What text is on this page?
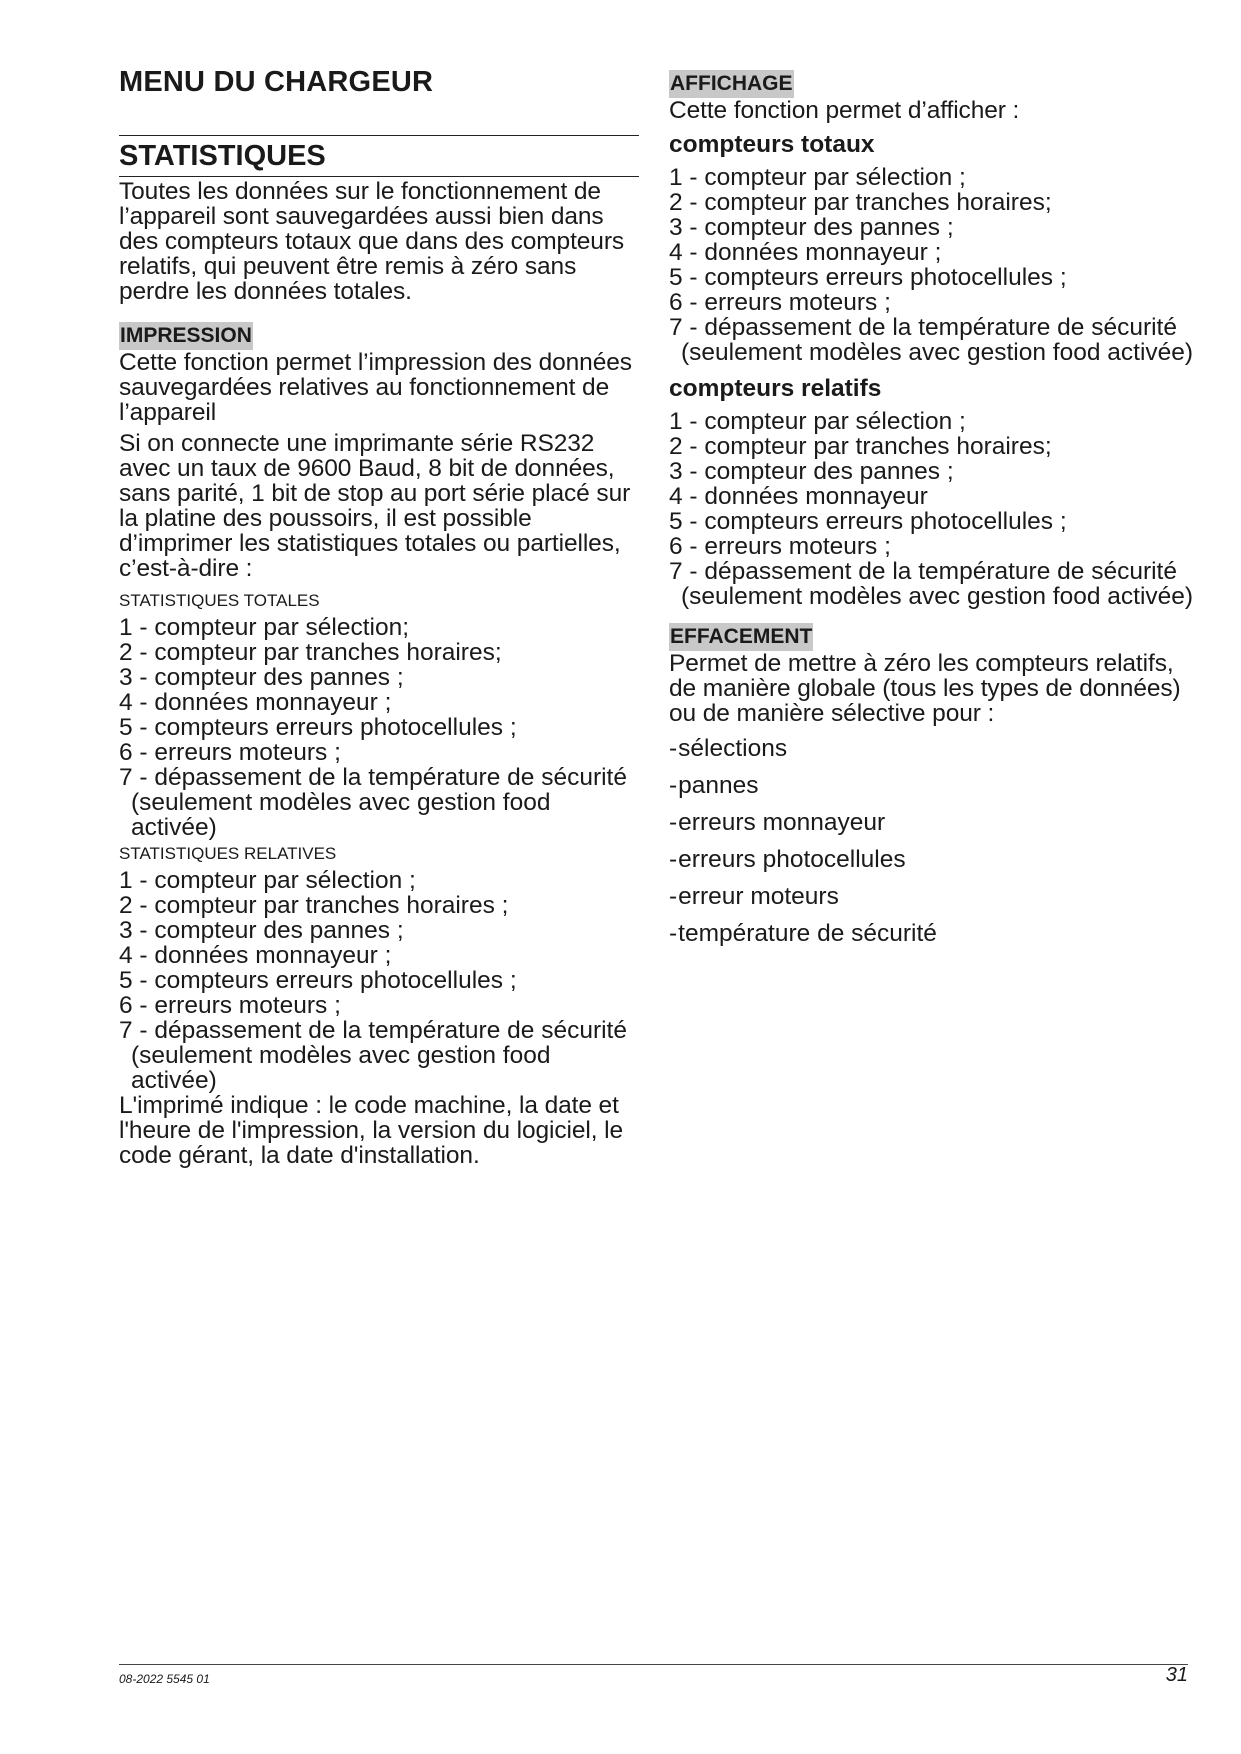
MENU DU CHARGEUR
STATISTIQUES

Toutes les données sur le fonctionnement de l’appareil sont sauvegardées aussi bien dans des compteurs totaux que dans des compteurs relatifs, qui peuvent être remis à zéro sans perdre les données totales.

IMPRESSION

Cette fonction permet l’impression des données sauvegardées relatives au fonctionnement de l’appareil

Si on connecte une imprimante série RS232 avec un taux de 9600 Baud, 8 bit de données, sans parité, 1 bit de stop au port série placé sur la platine des poussoirs, il est possible d’imprimer les statistiques totales ou partielles, c’est-à-dire :

STATISTIQUES TOTALES
1 - compteur par sélection;
2 - compteur par tranches horaires;
3 - compteur des pannes ;
4 - données monnayeur ;
5 - compteurs erreurs photocellules ;
6 - erreurs moteurs ;
7 - dépassement de la température de sécurité (seulement modèles avec gestion food activée)
STATISTIQUES RELATIVES
1 - compteur par sélection ;
2 - compteur par tranches horaires ;
3 - compteur des pannes ;
4 - données monnayeur ;
5 - compteurs erreurs photocellules ;
6 - erreurs moteurs ;
7 - dépassement de la température de sécurité (seulement modèles avec gestion food activée)

L'imprimé indique : le code machine, la date et l'heure de l'impression, la version du logiciel, le code gérant, la date d'installation.

AFFICHAGE

Cette fonction permet d’afficher :

compteurs totaux
1 - compteur par sélection ;
2 - compteur par tranches horaires;
3 - compteur des pannes ;
4 - données monnayeur ;
5 - compteurs erreurs photocellules ;
6 - erreurs moteurs ;
7 - dépassement de la température de sécurité (seulement modèles avec gestion food activée)
compteurs relatifs
1 - compteur par sélection ;
2 - compteur par tranches horaires;
3 - compteur des pannes ;
4 - données monnayeur
5 - compteurs erreurs photocellules ;
6 - erreurs moteurs ;
7 - dépassement de la température de sécurité (seulement modèles avec gestion food activée)
EFFACEMENT

Permet de mettre à zéro les compteurs relatifs, de manière globale (tous les types de données) ou de manière sélective pour :

- sélections
- pannes
- erreurs monnayeur
- erreurs photocellules
- erreur moteurs
- température de sécurité
08-2022 5545 01	31
